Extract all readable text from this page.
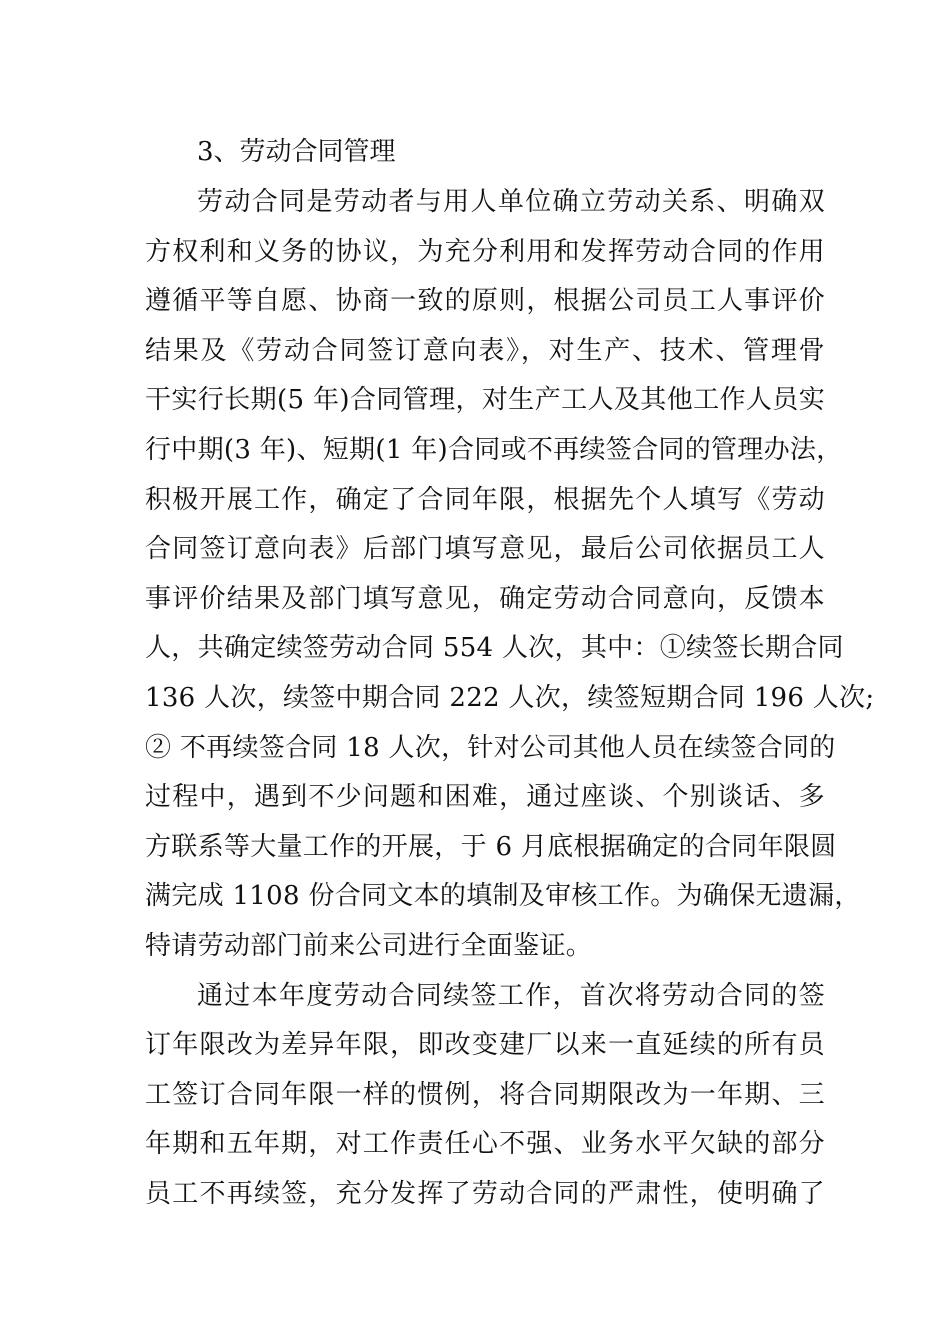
3、劳动合同管理

劳动合同是劳动者与用人单位确立劳动关系、明确双
方权利和义务的协议，为充分利用和发挥劳动合同的作用
遵循平等自愿、协商一致的原则，根据公司员工人事评价
结果及《劳动合同签订意向表》，对生产、技术、管理骨
干实行长期(5 年)合同管理，对生产工人及其他工作人员实
行中期(3 年)、短期(1 年)合同或不再续签合同的管理办法，
积极开展工作，确定了合同年限，根据先个人填写《劳动
合同签订意向表》后部门填写意见，最后公司依据员工人
事评价结果及部门填写意见，确定劳动合同意向，反馈本
人，共确定续签劳动合同 554 人次，其中：①续签长期合同
136 人次，续签中期合同 222 人次，续签短期合同 196 人次;
② 不再续签合同 18 人次，针对公司其他人员在续签合同的
过程中，遇到不少问题和困难，通过座谈、个别谈话、多
方联系等大量工作的开展，于 6 月底根据确定的合同年限圆
满完成 1108 份合同文本的填制及审核工作。为确保无遗漏，
特请劳动部门前来公司进行全面鉴证。

通过本年度劳动合同续签工作，首次将劳动合同的签
订年限改为差异年限，即改变建厂以来一直延续的所有员
工签订合同年限一样的惯例，将合同期限改为一年期、三
年期和五年期，对工作责任心不强、业务水平欠缺的部分
员工不再续签，充分发挥了劳动合同的严肃性，使明确了
